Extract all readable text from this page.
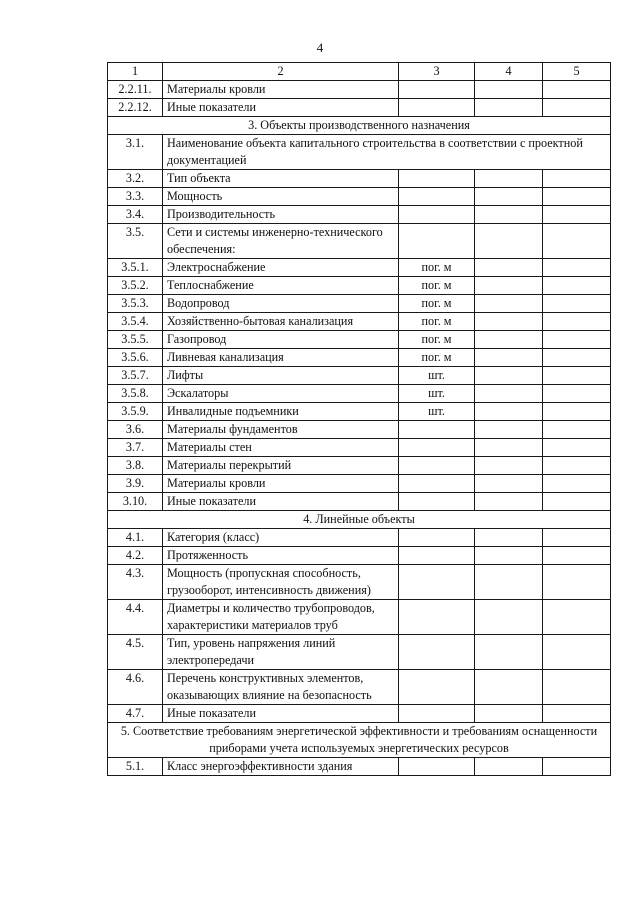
4
1	2	3	4	5
2.2.11.	Материалы кровли			
2.2.12.	Иные показатели			
3. Объекты производственного назначения				
3.1.	Наименование объекта капитального строительства в соответствии с проектной документацией			
3.2.	Тип объекта			
3.3.	Мощность			
3.4.	Производительность			
3.5.	Сети и системы инженерно-технического обеспечения:			
3.5.1.	Электроснабжение	пог. м		
3.5.2.	Теплоснабжение	пог. м		
3.5.3.	Водопровод	пог. м		
3.5.4.	Хозяйственно-бытовая канализация	пог. м		
3.5.5.	Газопровод	пог. м		
3.5.6.	Ливневая канализация	пог. м		
3.5.7.	Лифты	шт.		
3.5.8.	Эскалаторы	шт.		
3.5.9.	Инвалидные подъемники	шт.		
3.6.	Материалы фундаментов			
3.7.	Материалы стен			
3.8.	Материалы перекрытий			
3.9.	Материалы кровли			
3.10.	Иные показатели			
4. Линейные объекты				
4.1.	Категория (класс)			
4.2.	Протяженность			
4.3.	Мощность (пропускная способность, грузооборот, интенсивность движения)			
4.4.	Диаметры и количество трубопроводов, характеристики материалов труб			
4.5.	Тип, уровень напряжения линий электропередачи			
4.6.	Перечень конструктивных элементов, оказывающих влияние на безопасность			
4.7.	Иные показатели			
5. Соответствие требованиям энергетической эффективности и требованиям оснащенности приборами учета используемых энергетических ресурсов				
5.1.	Класс энергоэффективности здания			
